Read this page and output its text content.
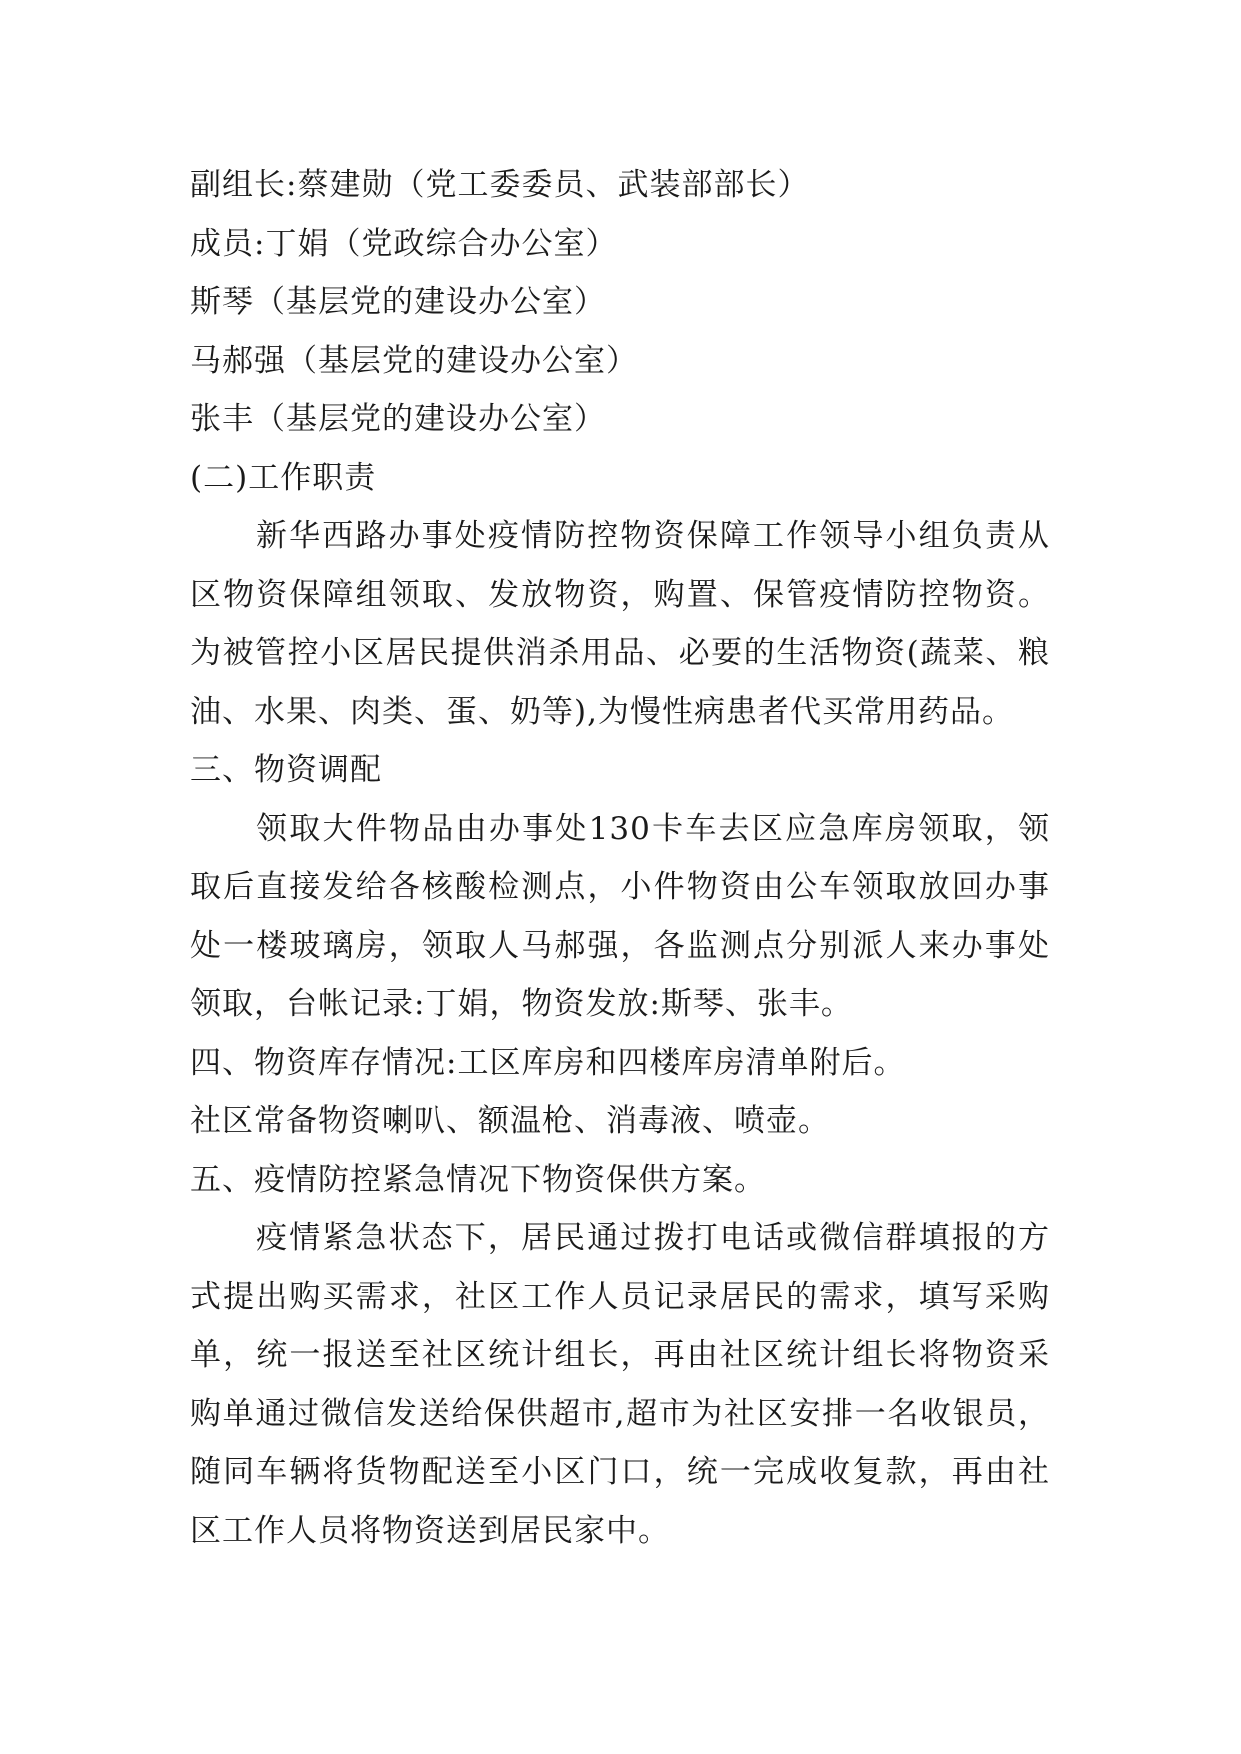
副组长:蔡建勋（党工委委员、武装部部长）

成员:丁娟（党政综合办公室）

斯琴（基层党的建设办公室）

马郝强（基层党的建设办公室）

张丰（基层党的建设办公室）

(二)工作职责

新华西路办事处疫情防控物资保障工作领导小组负责从区物资保障组领取、发放物资，购置、保管疫情防控物资。为被管控小区居民提供消杀用品、必要的生活物资(蔬菜、粮油、水果、肉类、蛋、奶等),为慢性病患者代买常用药品。

三、物资调配

领取大件物品由办事处130卡车去区应急库房领取，领取后直接发给各核酸检测点，小件物资由公车领取放回办事处一楼玻璃房，领取人马郝强，各监测点分别派人来办事处领取，台帐记录:丁娟，物资发放:斯琴、张丰。

四、物资库存情况:工区库房和四楼库房清单附后。

社区常备物资喇叭、额温枪、消毒液、喷壶。

五、疫情防控紧急情况下物资保供方案。

疫情紧急状态下，居民通过拨打电话或微信群填报的方式提出购买需求，社区工作人员记录居民的需求，填写采购单，统一报送至社区统计组长，再由社区统计组长将物资采购单通过微信发送给保供超市,超市为社区安排一名收银员，随同车辆将货物配送至小区门口，统一完成收复款，再由社区工作人员将物资送到居民家中。
